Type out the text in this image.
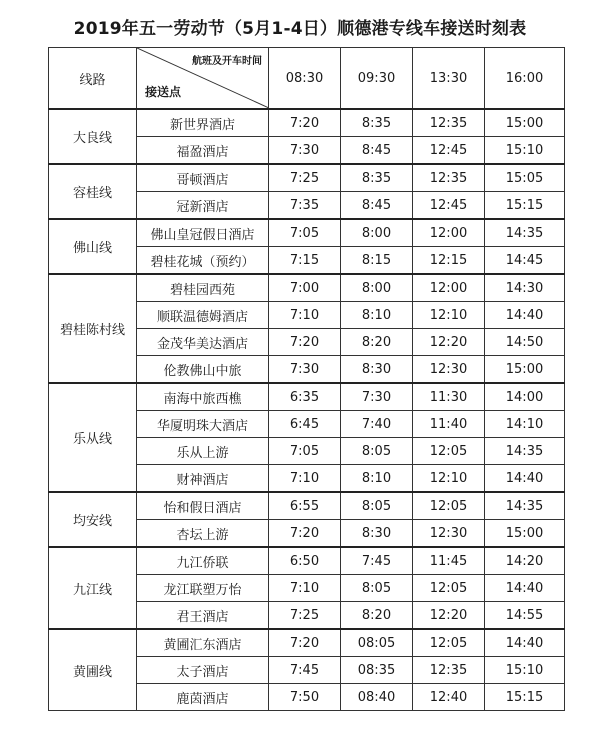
2019年五一劳动节（5月1-4日）顺德港专线车接送时刻表
线路	航班及开车时间
接送点	08:30	09:30	13:30	16:00
大良线	新世界酒店	7:20	8:35	12:35	15:00
	福盈酒店	7:30	8:45	12:45	15:10
容桂线	哥顿酒店	7:25	8:35	12:35	15:05
	冠新酒店	7:35	8:45	12:45	15:15
佛山线	佛山皇冠假日酒店	7:05	8:00	12:00	14:35
	碧桂花城（预约）	7:15	8:15	12:15	14:45
碧桂陈村线	碧桂园西苑	7:00	8:00	12:00	14:30
	顺联温德姆酒店	7:10	8:10	12:10	14:40
	金茂华美达酒店	7:20	8:20	12:20	14:50
	伦教佛山中旅	7:30	8:30	12:30	15:00
乐从线	南海中旅西樵	6:35	7:30	11:30	14:00
	华厦明珠大酒店	6:45	7:40	11:40	14:10
	乐从上游	7:05	8:05	12:05	14:35
	财神酒店	7:10	8:10	12:10	14:40
均安线	怡和假日酒店	6:55	8:05	12:05	14:35
	杏坛上游	7:20	8:30	12:30	15:00
九江线	九江侨联	6:50	7:45	11:45	14:20
	龙江联塑万怡	7:10	8:05	12:05	14:40
	君王酒店	7:25	8:20	12:20	14:55
黄圃线	黄圃汇东酒店	7:20	08:05	12:05	14:40
	太子酒店	7:45	08:35	12:35	15:10
	鹿茵酒店	7:50	08:40	12:40	15:15
